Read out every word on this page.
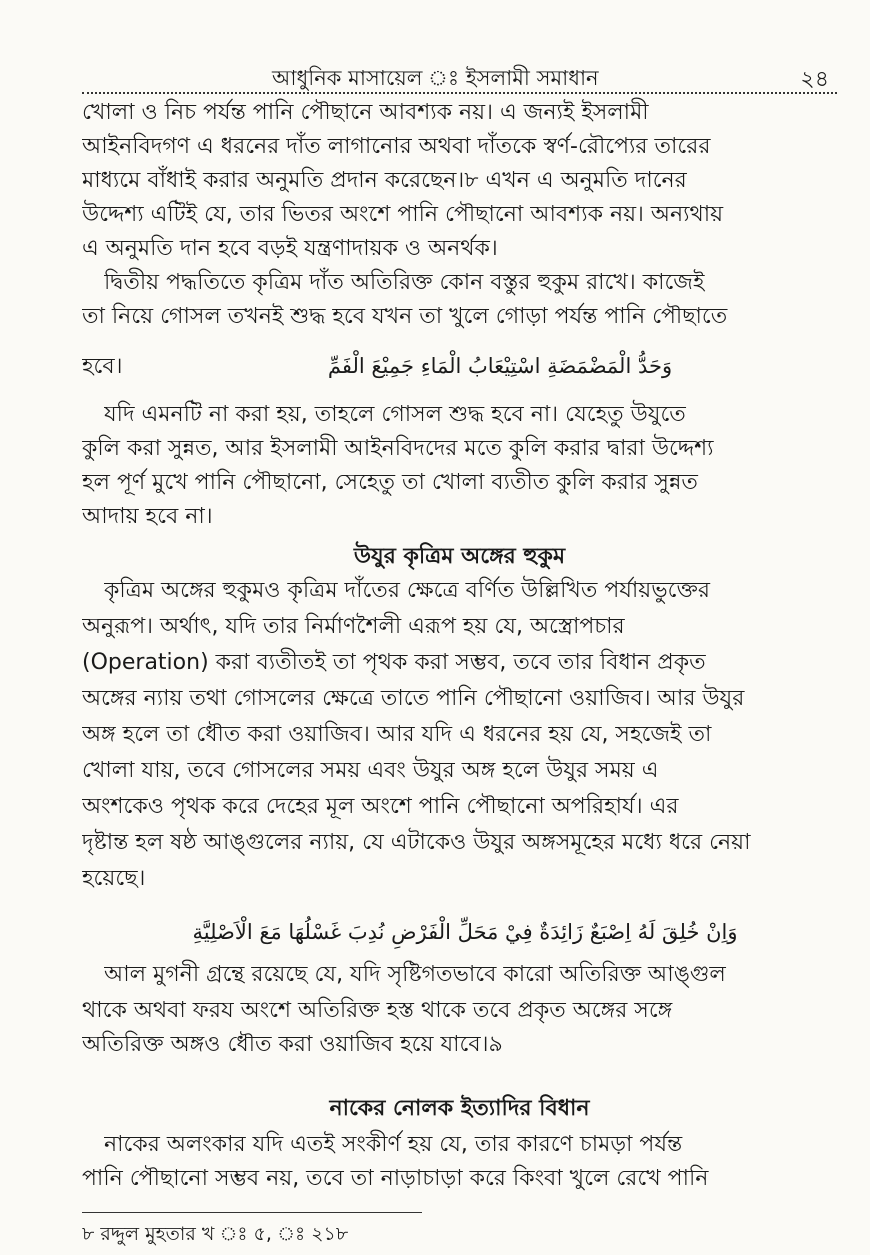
আধুনিক মাসায়েল ঃ ইসলামী সমাধান	২৪
খোলা ও নিচ পর্যন্ত পানি পৌছানে আবশ্যক নয়। এ জন্যই ইসলামী
আইনবিদগণ এ ধরনের দাঁত লাগানোর অথবা দাঁতকে স্বর্ণ-রৌপ্যের তারের
মাধ্যমে বাঁধাই করার অনুমতি প্রদান করেছেন।৮ এখন এ অনুমতি দানের
উদ্দেশ্য এটিই যে, তার ভিতর অংশে পানি পৌছানো আবশ্যক নয়। অন্যথায়
এ অনুমতি দান হবে বড়ই যন্ত্রণাদায়ক ও অনর্থক।
দ্বিতীয় পদ্ধতিতে কৃত্রিম দাঁত অতিরিক্ত কোন বস্তুর হুকুম রাখে। কাজেই
তা নিয়ে গোসল তখনই শুদ্ধ হবে যখন তা খুলে গোড়া পর্যন্ত পানি পৌছাতে
হবে।	وَحَدُّ الْمَضْمَضَةِ اسْتِيْعَابُ الْمَاءِ جَمِيْعَ الْفَمِّ
যদি এমনটি না করা হয়, তাহলে গোসল শুদ্ধ হবে না। যেহেতু উযুতে
কুলি করা সুন্নত, আর ইসলামী আইনবিদদের মতে কুলি করার দ্বারা উদ্দেশ্য
হল পূর্ণ মুখে পানি পৌছানো, সেহেতু তা খোলা ব্যতীত কুলি করার সুন্নত
আদায় হবে না।
উযুর কৃত্রিম অঙ্গের হুকুম
কৃত্রিম অঙ্গের হুকুমও কৃত্রিম দাঁতের ক্ষেত্রে বর্ণিত উল্লিখিত পর্যায়ভুক্তের
অনুরূপ। অর্থাৎ, যদি তার নির্মাণশৈলী এরূপ হয় যে, অস্ত্রোপচার
(Operation) করা ব্যতীতই তা পৃথক করা সম্ভব, তবে তার বিধান প্রকৃত
অঙ্গের ন্যায় তথা গোসলের ক্ষেত্রে তাতে পানি পৌছানো ওয়াজিব। আর উযুর
অঙ্গ হলে তা ধৌত করা ওয়াজিব। আর যদি এ ধরনের হয় যে, সহজেই তা
খোলা যায়, তবে গোসলের সময় এবং উযুর অঙ্গ হলে উযুর সময় এ
অংশকেও পৃথক করে দেহের মূল অংশে পানি পৌছানো অপরিহার্য। এর
দৃষ্টান্ত হল ষষ্ঠ আঙ্গুলের ন্যায়, যে এটাকেও উযুর অঙ্গসমূহের মধ্যে ধরে নেয়া
হয়েছে।
وَاِنْ خُلِقَ لَهُ اِصْبَعٌ زَائِدَةٌ فِيْ مَحَلِّ الْفَرْضِ نُدِبَ غَسْلُهَا مَعَ الْاَصْلِيَّةِ
আল মুগনী গ্রন্থে রয়েছে যে, যদি সৃষ্টিগতভাবে কারো অতিরিক্ত আঙ্গুল
থাকে অথবা ফরয অংশে অতিরিক্ত হস্ত থাকে তবে প্রকৃত অঙ্গের সঙ্গে
অতিরিক্ত অঙ্গও ধৌত করা ওয়াজিব হয়ে যাবে।৯
নাকের নোলক ইত্যাদির বিধান
নাকের অলংকার যদি এতই সংকীর্ণ হয় যে, তার কারণে চামড়া পর্যন্ত
পানি পৌছানো সম্ভব নয়, তবে তা নাড়াচাড়া করে কিংবা খুলে রেখে পানি
৮ রদ্দুল মুহতার খ ঃ ৫, ঃ ২১৮
